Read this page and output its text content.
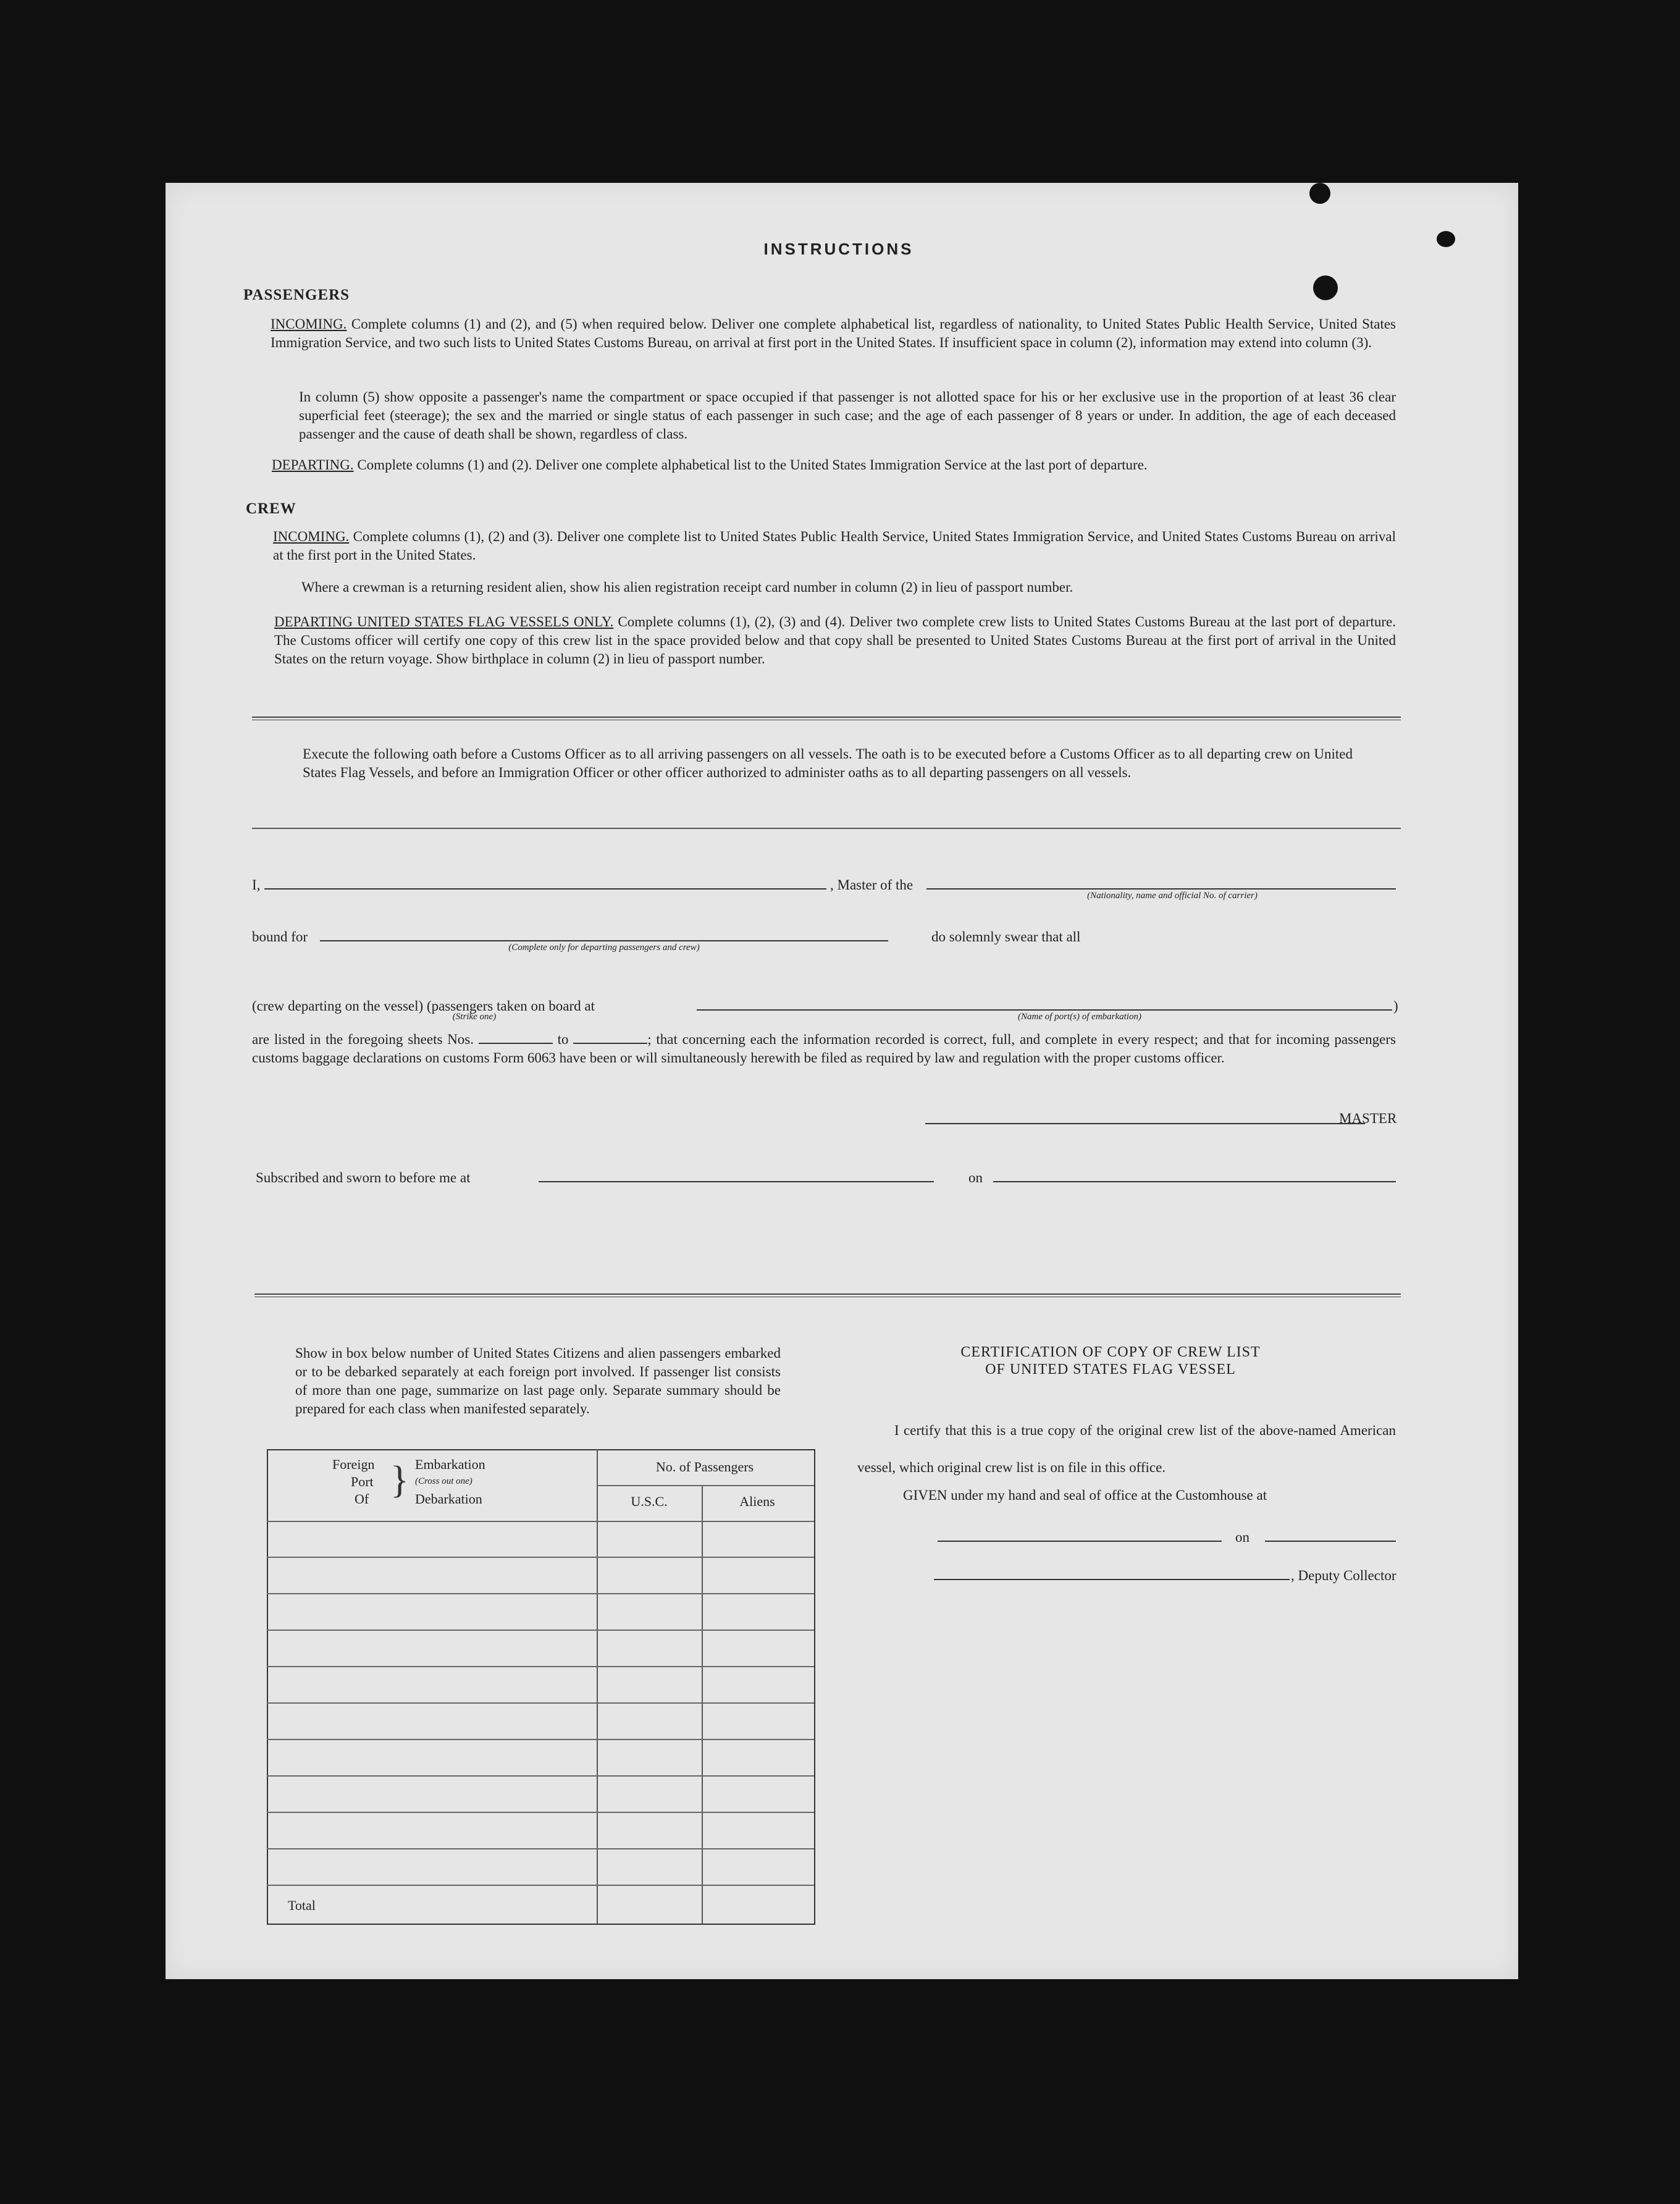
INSTRUCTIONS
PASSENGERS
INCOMING. Complete columns (1) and (2), and (5) when required below. Deliver one complete alphabetical list, regardless of nationality, to United States Public Health Service, United States Immigration Service, and two such lists to United States Customs Bureau, on arrival at first port in the United States. If insufficient space in column (2), information may extend into column (3).
In column (5) show opposite a passenger's name the compartment or space occupied if that passenger is not allotted space for his or her exclusive use in the proportion of at least 36 clear superficial feet (steerage); the sex and the married or single status of each passenger in such case; and the age of each passenger of 8 years or under. In addition, the age of each deceased passenger and the cause of death shall be shown, regardless of class.
DEPARTING. Complete columns (1) and (2). Deliver one complete alphabetical list to the United States Immigration Service at the last port of departure.
CREW
INCOMING. Complete columns (1), (2) and (3). Deliver one complete list to United States Public Health Service, United States Immigration Service, and United States Customs Bureau on arrival at the first port in the United States.
Where a crewman is a returning resident alien, show his alien registration receipt card number in column (2) in lieu of passport number.
DEPARTING UNITED STATES FLAG VESSELS ONLY. Complete columns (1), (2), (3) and (4). Deliver two complete crew lists to United States Customs Bureau at the last port of departure. The Customs officer will certify one copy of this crew list in the space provided below and that copy shall be presented to United States Customs Bureau at the first port of arrival in the United States on the return voyage. Show birthplace in column (2) in lieu of passport number.
Execute the following oath before a Customs Officer as to all arriving passengers on all vessels. The oath is to be executed before a Customs Officer as to all departing crew on United States Flag Vessels, and before an Immigration Officer or other officer authorized to administer oaths as to all departing passengers on all vessels.
I,	, Master of the
(Nationality, name and official No. of carrier)
bound for
(Complete only for departing passengers and crew)
do solemnly swear that all
(crew departing on the vessel) (passengers taken on board at	)
(Strike one)	(Name of port(s) of embarkation)
are listed in the foregoing sheets Nos.	to	; that concerning each the information recorded is correct, full, and complete in every respect; and that for incoming passengers customs baggage declarations on customs Form 6063 have been or will simultaneously herewith be filed as required by law and regulation with the proper customs officer.
MASTER
Subscribed and sworn to before me at	on
Show in box below number of United States Citizens and alien passengers embarked or to be debarked separately at each foreign port involved. If passenger list consists of more than one page, summarize on last page only. Separate summary should be prepared for each class when manifested separately.
Foreign
Port
Of } Embarkation
(Cross out one)
Debarkation
No. of Passengers
U.S.C.	Aliens
Total
CERTIFICATION OF COPY OF CREW LIST
OF UNITED STATES FLAG VESSEL
I certify that this is a true copy of the original crew list of the above-named American vessel, which original crew list is on file in this office.
GIVEN under my hand and seal of office at the Customhouse at
on
, Deputy Collector
